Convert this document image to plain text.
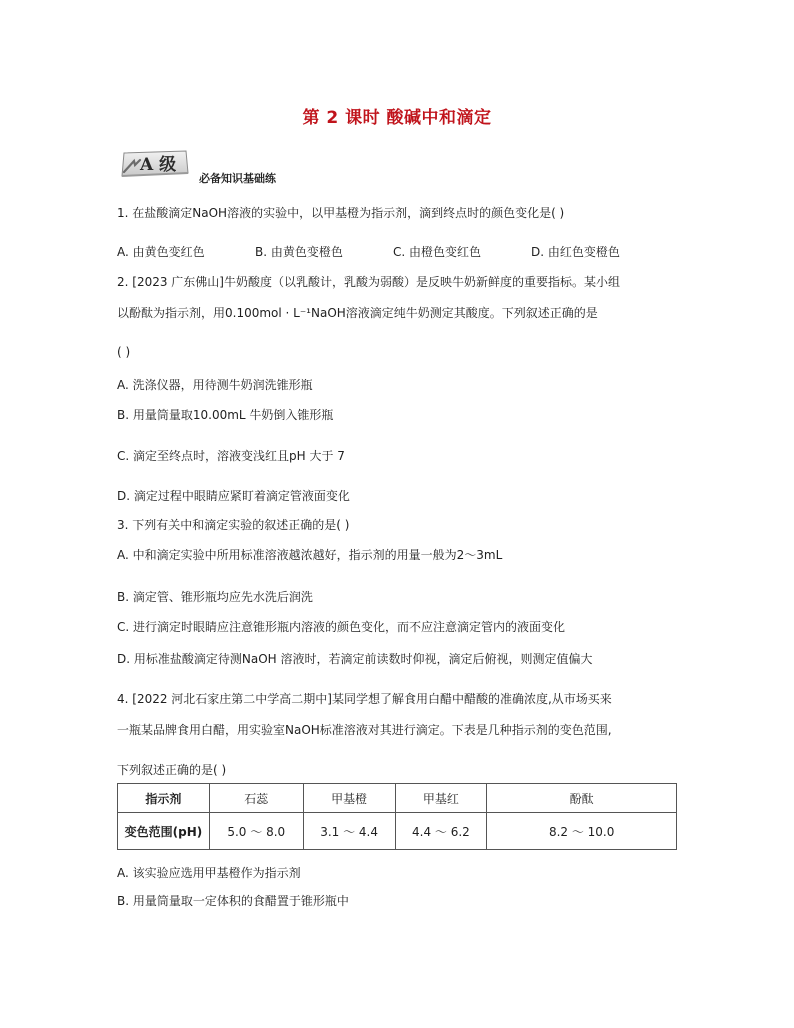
第 2 课时 酸碱中和滴定
A 级
必备知识基础练
1. 在盐酸滴定NaOH溶液的实验中，以甲基橙为指示剂，滴到终点时的颜色变化是( )
A. 由黄色变红色	B. 由黄色变橙色	C. 由橙色变红色	D. 由红色变橙色
2. [2023 广东佛山]牛奶酸度（以乳酸计，乳酸为弱酸）是反映牛奶新鲜度的重要指标。某小组
以酚酞为指示剂，用0.100mol · L⁻¹NaOH溶液滴定纯牛奶测定其酸度。下列叙述正确的是
( )
A. 洗涤仪器，用待测牛奶润洗锥形瓶
B. 用量筒量取10.00mL 牛奶倒入锥形瓶
C. 滴定至终点时，溶液变浅红且pH 大于 7
D. 滴定过程中眼睛应紧盯着滴定管液面变化
3. 下列有关中和滴定实验的叙述正确的是( )
A. 中和滴定实验中所用标准溶液越浓越好，指示剂的用量一般为2～3mL
B. 滴定管、锥形瓶均应先水洗后润洗
C. 进行滴定时眼睛应注意锥形瓶内溶液的颜色变化，而不应注意滴定管内的液面变化
D. 用标准盐酸滴定待测NaOH 溶液时，若滴定前读数时仰视，滴定后俯视，则测定值偏大
4. [2022 河北石家庄第二中学高二期中]某同学想了解食用白醋中醋酸的准确浓度,从市场买来
一瓶某品牌食用白醋，用实验室NaOH标准溶液对其进行滴定。下表是几种指示剂的变色范围,
下列叙述正确的是( )
指示剂	石蕊	甲基橙	甲基红	酚酞
变色范围(pH)	5.0 ～ 8.0	3.1 ～ 4.4	4.4 ～ 6.2	8.2 ～ 10.0
A. 该实验应选用甲基橙作为指示剂
B. 用量筒量取一定体积的食醋置于锥形瓶中
